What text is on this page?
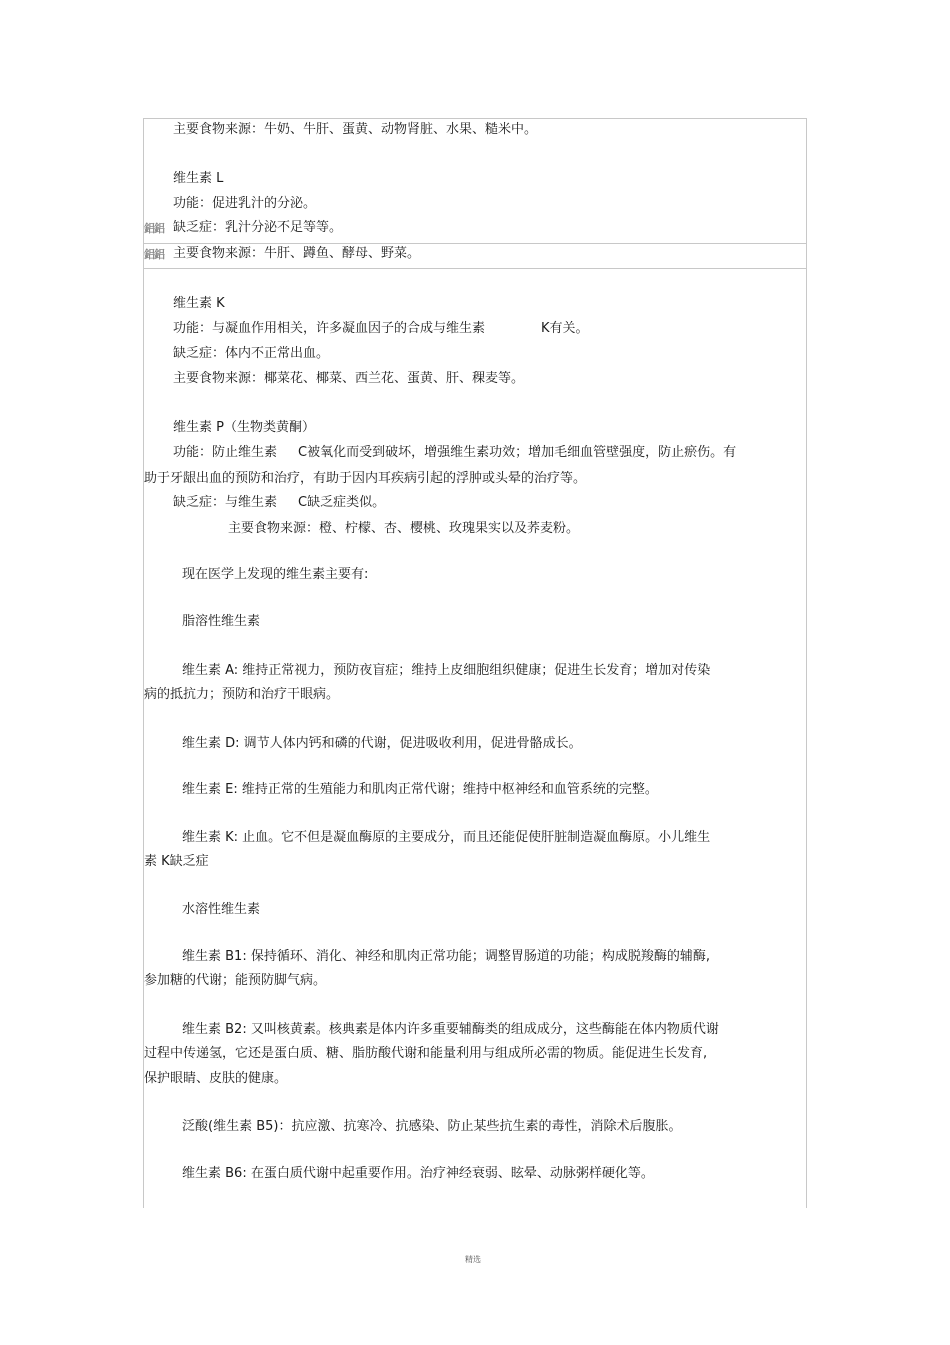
主要食物来源：牛奶、牛肝、蛋黄、动物肾脏、水果、糙米中。
维生素 L
功能：促进乳汁的分泌。
鋁鋁 缺乏症：乳汁分泌不足等等。
鋁鋁 主要食物来源：牛肝、蹲鱼、酵母、野菜。
维生素 K
功能：与凝血作用相关，许多凝血因子的合成与维生素	K有关。
缺乏症：体内不正常出血。
主要食物来源：椰菜花、椰菜、西兰花、蛋黄、肝、稞麦等。
维生素 P（生物类黄酮）
功能：防止维生素 C被氧化而受到破坏，增强维生素功效；增加毛细血管壁强度，防止瘀伤。有
助于牙龈出血的预防和治疗，有助于因内耳疾病引起的浮肿或头晕的治疗等。
缺乏症：与维生素 C缺乏症类似。
主要食物来源：橙、柠檬、杏、樱桃、玫瑰果实以及荞麦粉。
现在医学上发现的维生素主要有:
脂溶性维生素
维生素 A: 维持正常视力，预防夜盲症；维持上皮细胞组织健康；促进生长发育；增加对传染
病的抵抗力；预防和治疗干眼病。
维生素 D: 调节人体内钙和磷的代谢，促进吸收利用，促进骨骼成长。
维生素 E: 维持正常的生殖能力和肌肉正常代谢；维持中枢神经和血管系统的完整。
维生素 K: 止血。它不但是凝血酶原的主要成分，而且还能促使肝脏制造凝血酶原。小儿维生
素 K缺乏症
水溶性维生素
维生素 B1: 保持循环、消化、神经和肌肉正常功能；调整胃肠道的功能；构成脱羧酶的辅酶,
参加糖的代谢；能预防脚气病。
维生素 B2: 又叫核黄素。核典素是体内许多重要辅酶类的组成成分，这些酶能在体内物质代谢
过程中传递氢，它还是蛋白质、糖、脂肪酸代谢和能量利用与组成所必需的物质。能促进生长发育,
保护眼睛、皮肤的健康。
泛酸(维生素 B5)：抗应激、抗寒冷、抗感染、防止某些抗生素的毒性，消除术后腹胀。
维生素 B6: 在蛋白质代谢中起重要作用。治疗神经衰弱、眩晕、动脉粥样硬化等。
精选
